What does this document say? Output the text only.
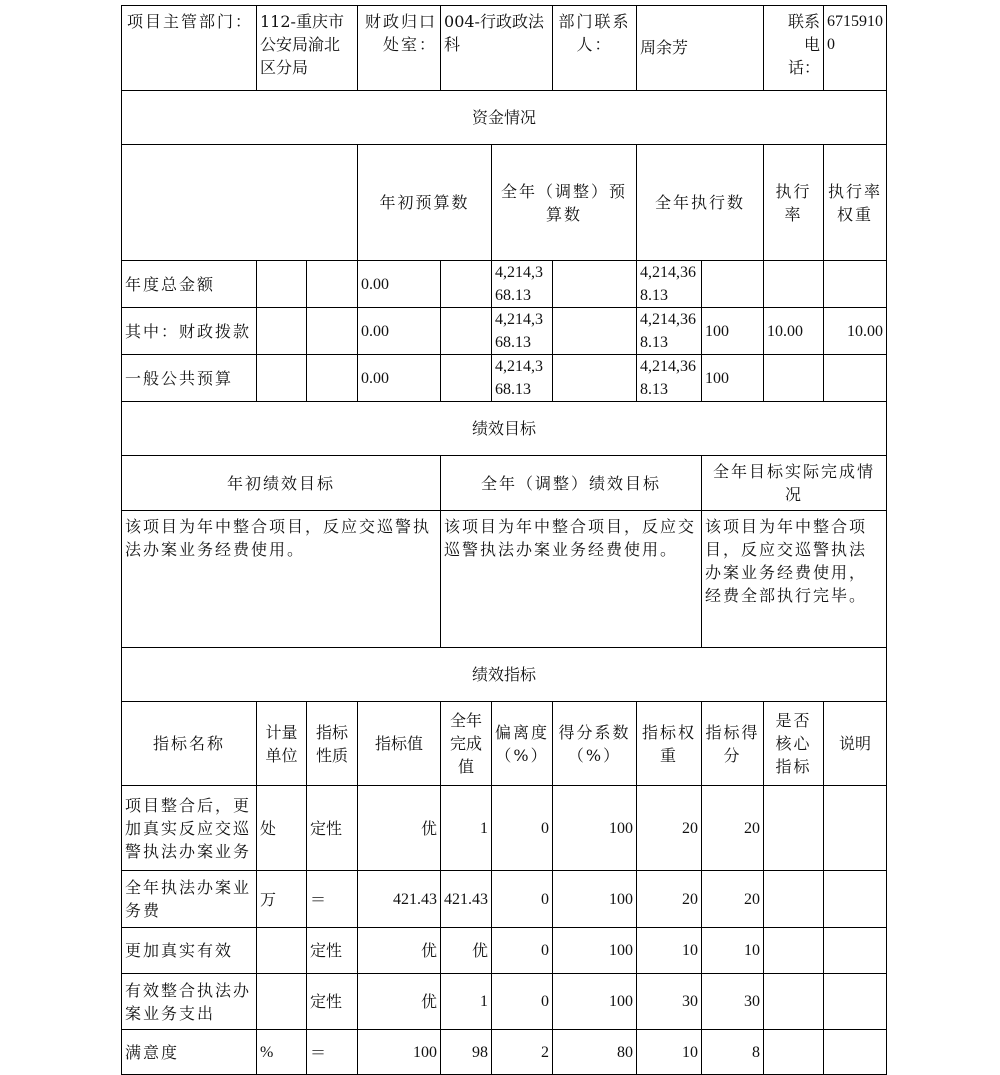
项目主管部门：	112-重庆市公安局渝北区分局		财政归口处室：	004-行政政法科		部门联系人：	周余芳		联系电话：	67159100	
资金情况											
			年初预算数		全年（调整）预算数		全年执行数		执行率	执行率权重	
年度总金额			0.00		4,214,368.13		4,214,368.13				
其中：财政拨款			0.00		4,214,368.13		4,214,368.13	100	10.00	10.00	
一般公共预算			0.00		4,214,368.13		4,214,368.13	100			
绩效目标											
年初绩效目标				全年（调整）绩效目标				全年目标实际完成情况			
该项目为年中整合项目，反应交巡警执法办案业务经费使用。				该项目为年中整合项目，反应交巡警执法办案业务经费使用。				该项目为年中整合项目，反应交巡警执法办案业务经费使用，经费全部执行完毕。			
绩效指标											
指标名称	计量单位	指标性质	指标值	全年完成值	偏离度（%）	得分系数（%）	指标权重	指标得分	是否核心指标	说明	
项目整合后，更加真实反应交巡警执法办案业务	处	定性	优	1	0	100	20	20			
全年执法办案业务费	万	＝	421.43	421.43	0	100	20	20			
更加真实有效		定性	优	优	0	100	10	10			
有效整合执法办案业务支出		定性	优	1	0	100	30	30			
满意度	%	＝	100	98	2	80	10	8			
